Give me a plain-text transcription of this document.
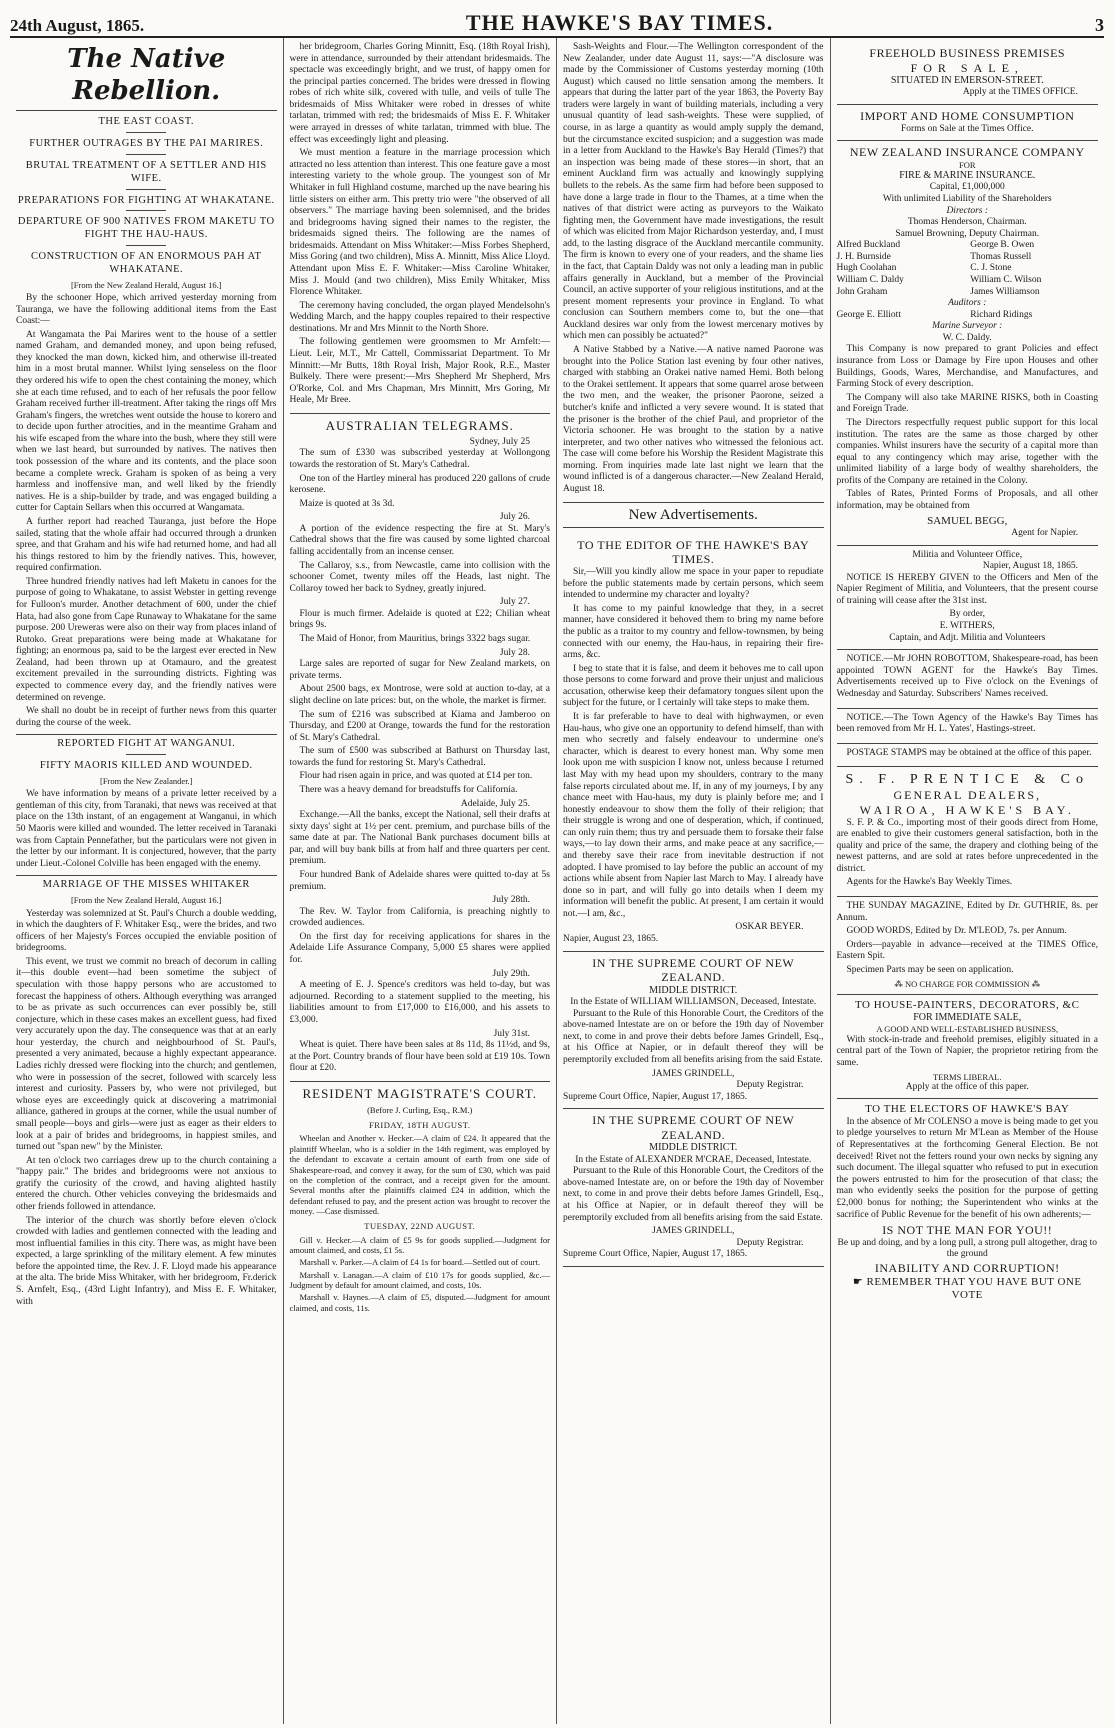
24th August, 1865.	THE HAWKE'S BAY TIMES.	3
The Native Rebellion.
THE EAST COAST.
FURTHER OUTRAGES BY THE PAI MARIRES.
BRUTAL TREATMENT OF A SETTLER AND HIS WIFE.
PREPARATIONS FOR FIGHTING AT WHAKATANE.
DEPARTURE OF 900 NATIVES FROM MAKETU TO FIGHT THE HAU-HAUS.
CONSTRUCTION OF AN ENORMOUS PAH AT WHAKATANE.
[From the New Zealand Herald, August 16.]

By the schooner Hope, which arrived yesterday morning from Tauranga, we have the following additional items from the East Coast:—

At Wangamata the Pai Marires went to the house of a settler named Graham, and demanded money, and upon being refused, they knocked the man down, kicked him, and otherwise ill-treated him in a most brutal manner. Whilst lying senseless on the floor they ordered his wife to open the chest containing the money, which she at each time refused, and to each of her refusals the poor fellow Graham received further ill-treatment. After taking the rings off Mrs Graham's fingers, the wretches went outside the house to korero and to decide upon further atrocities, and in the meantime Graham and his wife escaped from the whare into the bush, where they still were when we last heard, but surrounded by natives. The natives then took possession of the whare and its contents, and the place soon became a complete wreck. Graham is spoken of as being a very harmless and inoffensive man, and well liked by the friendly natives. He is a ship-builder by trade, and was engaged building a cutter for Captain Sellars when this occurred at Wangamata.

A further report had reached Tauranga, just before the Hope sailed, stating that the whole affair had occurred through a drunken spree, and that Graham and his wife had returned home, and had all his things restored to him by the friendly natives. This, however, required confirmation.

Three hundred friendly natives had left Maketu in canoes for the purpose of going to Whakatane, to assist Webster in getting revenge for Fulloon's murder. Another detachment of 600, under the chief Hata, had also gone from Cape Runaway to Whakatane for the same purpose. 200 Ureweras were also on their way from places inland of Rutoko. Great preparations were being made at Whakatane for fighting; an enormous pa, said to be the largest ever erected in New Zealand, had been thrown up at Otamauro, and the greatest excitement prevailed in the surrounding districts. Fighting was expected to commence every day, and the friendly natives were determined on revenge.

We shall no doubt be in receipt of further news from this quarter during the course of the week.

REPORTED FIGHT AT WANGANUI.
FIFTY MAORIS KILLED AND WOUNDED.
[From the New Zealander.]

We have information by means of a private letter received by a gentleman of this city, from Taranaki, that news was received at that place on the 13th instant, of an engagement at Wanganui, in which 50 Maoris were killed and wounded. The letter received in Taranaki was from Captain Pennefather, but the particulars were not given in the letter by our informant. It is conjectured, however, that the party under Lieut.-Colonel Colville has been engaged with the enemy.

MARRIAGE OF THE MISSES WHITAKER
[From the New Zealand Herald, August 16.]

Yesterday was solemnized at St. Paul's Church a double wedding, in which the daughters of F. Whitaker Esq., were the brides, and two officers of her Majesty's Forces occupied the enviable position of bridegrooms.

This event, we trust we commit no breach of decorum in calling it—this double event—had been sometime the subject of speculation with those happy persons who are accustomed to forecast the happiness of others. Although everything was arranged to be as private as such occurrences can ever possibly be, still conjecture, which in these cases makes an excellent guess, had fixed very accurately upon the day. The consequence was that at an early hour yesterday, the church and neighbourhood of St. Paul's, presented a very animated, because a highly expectant appearance. Ladies richly dressed were flocking into the church; and gentlemen, who were in possession of the secret, followed with scarcely less interest and curiosity. Passers by, who were not privileged, but whose eyes are exceedingly quick at discovering a matrimonial alliance, gathered in groups at the corner, while the usual number of small people—boys and girls—were just as eager as their elders to look at a pair of brides and bridegrooms, in happiest smiles, and turned out "span new" by the Minister.

At ten o'clock two carriages drew up to the church containing a "happy pair." The brides and bridegrooms were not anxious to gratify the curiosity of the crowd, and having alighted hastily entered the church. Other vehicles conveying the bridesmaids and other friends followed in attendance.

The interior of the church was shortly before eleven o'clock crowded with ladies and gentlemen connected with the leading and most influential families in this city. There was, as might have been expected, a large sprinkling of the military element. A few minutes before the appointed time, the Rev. J. F. Lloyd made his appearance at the alta. The bride Miss Whitaker, with her bridegroom, Fr.derick S. Arnfelt, Esq., (43rd Light Infantry), and Miss E. F. Whitaker, with

her bridegroom, Charles Goring Minnitt, Esq. (18th Royal Irish), were in attendance, surrounded by their attendant bridesmaids. The spectacle was exceedingly bright, and we trust, of happy omen for the principal parties concerned. The brides were dressed in flowing robes of rich white silk, covered with tulle, and veils of tulle The bridesmaids of Miss Whitaker were robed in dresses of white tarlatan, trimmed with red; the bridesmaids of Miss E. F. Whitaker were arrayed in dresses of white tarlatan, trimmed with blue. The effect was exceedingly light and pleasing.

We must mention a feature in the marriage procession which attracted no less attention than interest. This one feature gave a most interesting variety to the whole group. The youngest son of Mr Whitaker in full Highland costume, marched up the nave bearing his little sisters on either arm. This pretty trio were "the observed of all observers." The marriage having been solemnised, and the brides and bridegrooms having signed their names to the register, the bridesmaids signed theirs. The following are the names of bridesmaids. Attendant on Miss Whitaker:—Miss Forbes Shepherd, Miss Goring (and two children), Miss A. Minnitt, Miss Alice Lloyd. Attendant upon Miss E. F. Whitaker:—Miss Caroline Whitaker, Miss J. Mould (and two children), Miss Emily Whitaker, Miss Florence Whitaker.

The ceremony having concluded, the organ played Mendelsohn's Wedding March, and the happy couples repaired to their respective destinations. Mr and Mrs Minnit to the North Shore.

The following gentlemen were groomsmen to Mr Arnfelt:—Lieut. Leir, M.T., Mr Cattell, Commissariat Department. To Mr Minnitt:—Mr Butts, 18th Royal Irish, Major Rook, R.E., Master Bulkely. There were present:—Mrs Shepherd Mr Shepherd, Mrs O'Rorke, Col. and Mrs Chapman, Mrs Minnitt, Mrs Goring, Mr Heale, Mr Bree.

AUSTRALIAN TELEGRAMS.
Sydney, July 25

The sum of £330 was subscribed yesterday at Wollongong towards the restoration of St. Mary's Cathedral.

One ton of the Hartley mineral has produced 220 gallons of crude kerosene.

Maize is quoted at 3s 3d.

July 26.

A portion of the evidence respecting the fire at St. Mary's Cathedral shows that the fire was caused by some lighted charcoal falling accidentally from an incense censer.

The Callaroy, s.s., from Newcastle, came into collision with the schooner Comet, twenty miles off the Heads, last night. The Collaroy towed her back to Sydney, greatly injured.

July 27.

Flour is much firmer. Adelaide is quoted at £22; Chilian wheat brings 9s.

The Maid of Honor, from Mauritius, brings 3322 bags sugar.

July 28.

Large sales are reported of sugar for New Zealand markets, on private terms.

About 2500 bags, ex Montrose, were sold at auction to-day, at a slight decline on late prices: but, on the whole, the market is firmer.

The sum of £216 was subscribed at Kiama and Jamberoo on Thursday, and £200 at Orange, towards the fund for the restoration of St. Mary's Cathedral.

The sum of £500 was subscribed at Bathurst on Thursday last, towards the fund for restoring St. Mary's Cathedral.

Flour had risen again in price, and was quoted at £14 per ton.

There was a heavy demand for breadstuffs for California.

Adelaide, July 25.

Exchange.—All the banks, except the National, sell their drafts at sixty days' sight at 1½ per cent. premium, and purchase bills of the same date at par. The National Bank purchases document bills at par, and will buy bank bills at from half and three quarters per cent. premium.

Four hundred Bank of Adelaide shares were quitted to-day at 5s premium.

July 28th.

The Rev. W. Taylor from California, is preaching nightly to crowded audiences.

On the first day for receiving applications for shares in the Adelaide Life Assurance Company, 5,000 £5 shares were applied for.

July 29th.

A meeting of E. J. Spence's creditors was held to-day, but was adjourned. Recording to a statement supplied to the meeting, his liabilities amount to from £17,000 to £16,000, and his assets to £3,000.

July 31st.

Wheat is quiet. There have been sales at 8s 11d, 8s 11½d, and 9s, at the Port. Country brands of flour have been sold at £19 10s. Town flour at £20.

RESIDENT MAGISTRATE'S COURT.
(Before J. Curling, Esq., R.M.)
FRIDAY, 18TH AUGUST.

Wheelan and Another v. Hecker.—A claim of £24. It appeared that the plaintiff Wheelan, who is a soldier in the 14th regiment, was employed by the defendant to excavate a certain amount of earth from one side of Shakespeare-road, and convey it away, for the sum of £30, which was paid on the completion of the contract, and a receipt given for the amount. Several months after the plaintiffs claimed £24 in addition, which the defendant refused to pay, and the present action was brought to recover the money. —Case dismissed.

TUESDAY, 22ND AUGUST.

Gill v. Hecker.—A claim of £5 9s for goods supplied.—Judgment for amount claimed, and costs, £1 5s.

Marshall v. Parker.—A claim of £4 1s for board.—Settled out of court.

Marshall v. Lanagan.—A claim of £10 17s for goods supplied, &c.—Judgment by default for amount claimed, and costs, 10s.

Marshall v. Haynes.—A claim of £5, disputed.—Judgment for amount claimed, and costs, 11s.

Sash-Weights and Flour.—The Wellington correspondent of the New Zealander, under date August 11, says:—"A disclosure was made by the Commissioner of Customs yesterday morning (10th August) which caused no little sensation among the members. It appears that during the latter part of the year 1863, the Poverty Bay traders were largely in want of building materials, including a very unusual quantity of lead sash-weights. These were supplied, of course, in as large a quantity as would amply supply the demand, but the circumstance excited suspicion; and a suggestion was made in a letter from Auckland to the Hawke's Bay Herald (Times?) that an inspection was being made of these stores—in short, that an eminent Auckland firm was actually and knowingly supplying bullets to the rebels. As the same firm had before been supposed to have done a large trade in flour to the Thames, at a time when the natives of that district were acting as purveyors to the Waikato fighting men, the Government have made investigations, the result of which was elicited from Major Richardson yesterday, and, I must add, to the lasting disgrace of the Auckland mercantile community. The firm is known to every one of your readers, and the shame lies in the fact, that Captain Daldy was not only a leading man in public affairs generally in Auckland, but a member of the Provincial Council, an active supporter of your religious institutions, and at the present moment represents your province in England. To what conclusion can Southern members come to, but the one—that Auckland desires war only from the lowest mercenary motives by which men can possibly be actuated?"

A Native Stabbed by a Native.—A native named Paorone was brought into the Police Station last evening by four other natives, charged with stabbing an Orakei native named Hemi. Both belong to the Orakei settlement. It appears that some quarrel arose between the two men, and the weaker, the prisoner Paorone, seized a butcher's knife and inflicted a very severe wound. It is stated that the prisoner is the brother of the chief Paul, and proprietor of the Victoria schooner. He was brought to the station by a native interpreter, and two other natives who witnessed the felonious act. The case will come before his Worship the Resident Magistrate this morning. From inquiries made late last night we learn that the wound inflicted is of a dangerous character.—New Zealand Herald, August 18.

New Advertisements.
TO THE EDITOR OF THE HAWKE'S BAY TIMES.

Sir,—Will you kindly allow me space in your paper to repudiate before the public statements made by certain persons, which seem intended to undermine my character and loyalty?

It has come to my painful knowledge that they, in a secret manner, have considered it behoved them to bring my name before the public as a traitor to my country and fellow-townsmen, by being connected with our enemy, the Hau-haus, in repairing their fire-arms, &c.

I beg to state that it is false, and deem it behoves me to call upon those persons to come forward and prove their unjust and malicious accusation, otherwise keep their defamatory tongues silent upon the subject for the future, or I certainly will take steps to make them.

It is far preferable to have to deal with highwaymen, or even Hau-haus, who give one an opportunity to defend himself, than with men who secretly and falsely endeavour to undermine one's character, which is dearest to every honest man. Why some men look upon me with suspicion I know not, unless because I returned last May with my head upon my shoulders, contrary to the many false reports circulated about me. If, in any of my journeys, I by any chance meet with Hau-haus, my duty is plainly before me; and I honestly endeavour to show them the folly of their religion; that their struggle is wrong and one of desperation, which, if continued, can only ruin them; thus try and persuade them to forsake their false ways,—to lay down their arms, and make peace at any sacrifice,—and thereby save their race from inevitable destruction if not adopted. I have promised to lay before the public an account of my actions while absent from Napier last March to May. I already have done so in part, and will fully go into details when I deem my information will benefit the public. At present, I am certain it would not.—I am, &c.,

OSKAR BEYER.
Napier, August 23, 1865.
IN THE SUPREME COURT OF NEW ZEALAND.
MIDDLE DISTRICT.
In the Estate of WILLIAM WILLIAMSON, Deceased, Intestate.

Pursuant to the Rule of this Honorable Court, the Creditors of the above-named Intestate are on or before the 19th day of November next, to come in and prove their debts before James Grindell, Esq., at his Office at Napier, or in default thereof they will be peremptorily excluded from all benefits arising from the said Estate.

JAMES GRINDELL,
Deputy Registrar.
Supreme Court Office, Napier, August 17, 1865.
IN THE SUPREME COURT OF NEW ZEALAND.
MIDDLE DISTRICT.
In the Estate of ALEXANDER M'CRAE, Deceased, Intestate.

Pursuant to the Rule of this Honorable Court, the Creditors of the above-named Intestate are, on or before the 19th day of November next, to come in and prove their debts before James Grindell, Esq., at his Office at Napier, or in default thereof they will be peremptorily excluded from all benefits arising from the said Estate.

JAMES GRINDELL,
Deputy Registrar.
Supreme Court Office, Napier, August 17, 1865.
FREEHOLD BUSINESS PREMISES
FOR SALE,
SITUATED IN EMERSON-STREET.
Apply at the TIMES OFFICE.
IMPORT AND HOME CONSUMPTION
Forms on Sale at the Times Office.
NEW ZEALAND INSURANCE COMPANY
FOR
FIRE & MARINE INSURANCE.
Capital, £1,000,000
With unlimited Liability of the Shareholders
Directors :
Thomas Henderson, Chairman.
Samuel Browning, Deputy Chairman.
Alfred Buckland	George B. Owen
J. H. Burnside	Thomas Russell
Hugh Coolahan	C. J. Stone
William C. Daldy	William C. Wilson
John Graham	James Williamson
Auditors :
George E. Elliott	Richard Ridings
Marine Surveyor :
W. C. Daldy.

This Company is now prepared to grant Policies and effect insurance from Loss or Damage by Fire upon Houses and other Buildings, Goods, Wares, Merchandise, and Manufactures, and Farming Stock of every description.

The Company will also take MARINE RISKS, both in Coasting and Foreign Trade.

The Directors respectfully request public support for this local institution. The rates are the same as those charged by other companies. Whilst insurers have the security of a capital more than equal to any contingency which may arise, together with the unlimited liability of a large body of wealthy shareholders, the profits of the Company are retained in the Colony.

Tables of Rates, Printed Forms of Proposals, and all other information, may be obtained from

SAMUEL BEGG,
Agent for Napier.
Militia and Volunteer Office,
Napier, August 18, 1865.

NOTICE IS HEREBY GIVEN to the Officers and Men of the Napier Regiment of Militia, and Volunteers, that the present course of training will cease after the 31st inst.

By order,
E. WITHERS,
Captain, and Adjt. Militia and Volunteers

NOTICE.—Mr JOHN ROBOTTOM, Shakespeare-road, has been appointed TOWN AGENT for the Hawke's Bay Times. Advertisements received up to Five o'clock on the Evenings of Wednesday and Saturday. Subscribers' Names received.

NOTICE.—The Town Agency of the Hawke's Bay Times has been removed from Mr H. L. Yates', Hastings-street.

POSTAGE STAMPS may be obtained at the office of this paper.

S. F. PRENTICE & Co
GENERAL DEALERS,
WAIROA, HAWKE'S BAY.

S. F. P. & Co., importing most of their goods direct from Home, are enabled to give their customers general satisfaction, both in the quality and price of the same, the drapery and clothing being of the newest patterns, and are sold at rates before unprecedented in the district.

Agents for the Hawke's Bay Weekly Times.

THE SUNDAY MAGAZINE, Edited by Dr. GUTHRIE, 8s. per Annum.

GOOD WORDS, Edited by Dr. M'LEOD, 7s. per Annum.

Orders—payable in advance—received at the TIMES Office, Eastern Spit.

Specimen Parts may be seen on application.

⁂ NO CHARGE FOR COMMISSION ⁂
TO HOUSE-PAINTERS, DECORATORS, &C
FOR IMMEDIATE SALE,
A GOOD AND WELL-ESTABLISHED BUSINESS,

With stock-in-trade and freehold premises, eligibly situated in a central part of the Town of Napier, the proprietor retiring from the same.

TERMS LIBERAL.
Apply at the office of this paper.
TO THE ELECTORS OF HAWKE'S BAY

In the absence of Mr COLENSO a move is being made to get you to pledge yourselves to return Mr M'Lean as Member of the House of Representatives at the forthcoming General Election. Be not deceived! Rivet not the fetters round your own necks by signing any such document. The illegal squatter who refused to put in execution the powers entrusted to him for the prosecution of that class; the man who evidently seeks the position for the purpose of getting £2,000 bonus for nothing; the Superintendent who winks at the sacrifice of Public Revenue for the benefit of his own adherents;—

IS NOT THE MAN FOR YOU!!
Be up and doing, and by a long pull, a strong pull altogether, drag to the ground
INABILITY AND CORRUPTION!
☛ REMEMBER THAT YOU HAVE BUT ONE VOTE
